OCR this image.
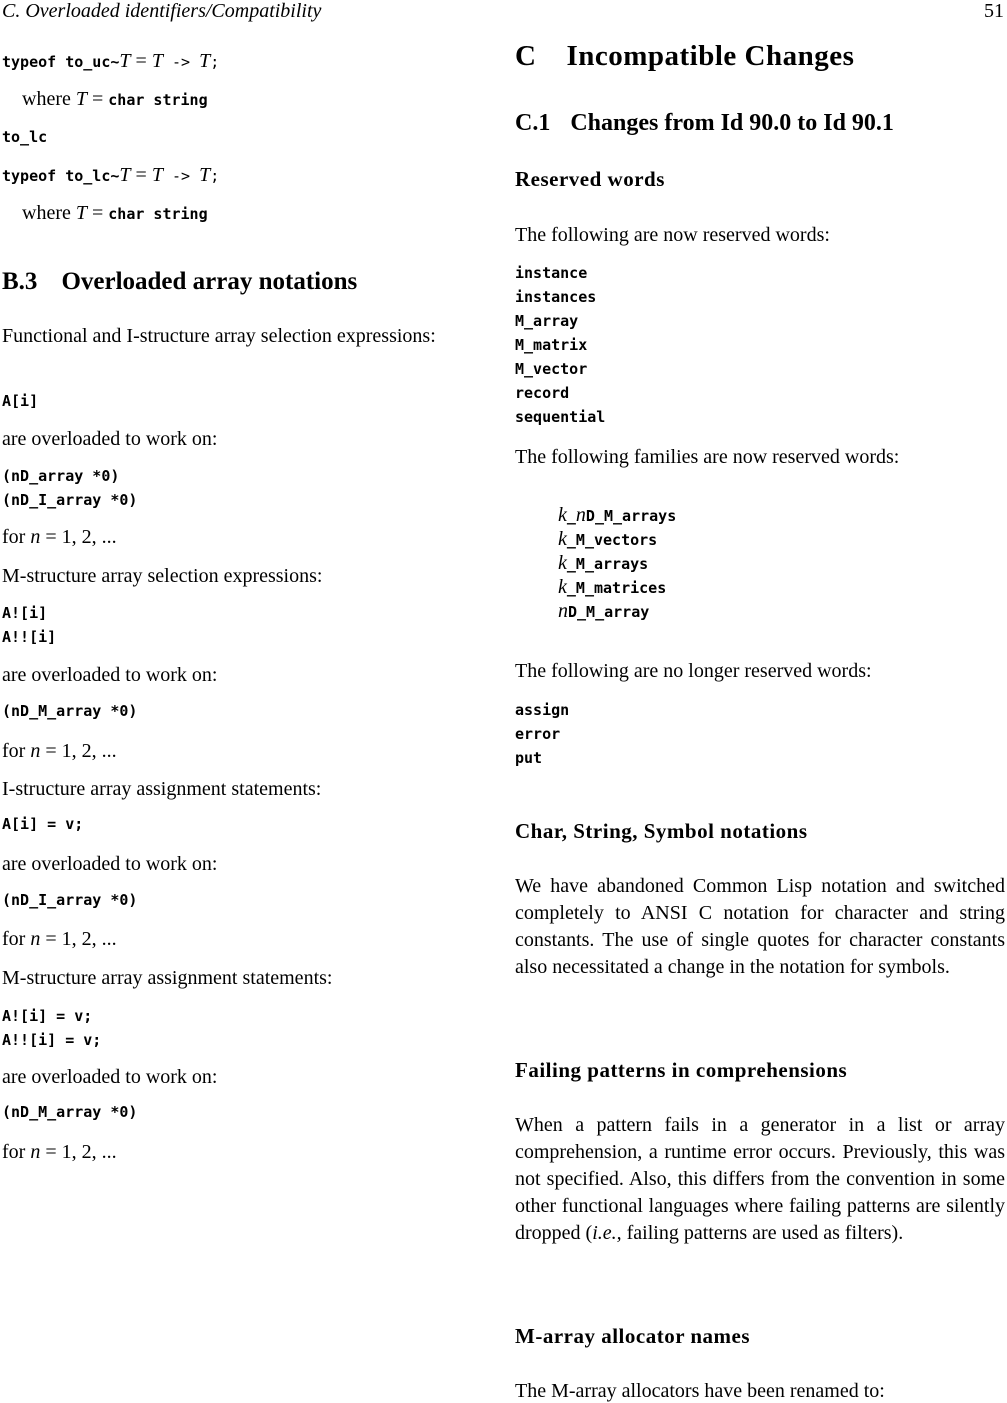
C. Overloaded identifiers/Compatibility	51
typeof to_uc~T = T -> T;
where T = char string
to_lc
typeof to_lc~T = T -> T;
where T = char string
B.3 Overloaded array notations
Functional and I-structure array selection expressions:
A[i]
are overloaded to work on:
(nD_array *0)
(nD_I_array *0)
for n = 1, 2, ...
M-structure array selection expressions:
A![i]
A!![i]
are overloaded to work on:
(nD_M_array *0)
for n = 1, 2, ...
I-structure array assignment statements:
A[i] = v;
are overloaded to work on:
(nD_I_array *0)
for n = 1, 2, ...
M-structure array assignment statements:
A![i] = v;
A!![i] = v;
are overloaded to work on:
(nD_M_array *0)
for n = 1, 2, ...
C Incompatible Changes
C.1 Changes from Id 90.0 to Id 90.1
Reserved words
The following are now reserved words:
instance
instances
M_array
M_matrix
M_vector
record
sequential
The following families are now reserved words:
k_nD_M_arrays
k_M_vectors
k_M_arrays
k_M_matrices
nD_M_array
The following are no longer reserved words:
assign
error
put
Char, String, Symbol notations
We have abandoned Common Lisp notation and switched completely to ANSI C notation for character and string constants. The use of single quotes for character constants also necessitated a change in the notation for symbols.
Failing patterns in comprehensions
When a pattern fails in a generator in a list or array comprehension, a runtime error occurs. Previously, this was not specified. Also, this differs from the convention in some other functional languages where failing patterns are silently dropped (i.e., failing patterns are used as filters).
M-array allocator names
The M-array allocators have been renamed to:
